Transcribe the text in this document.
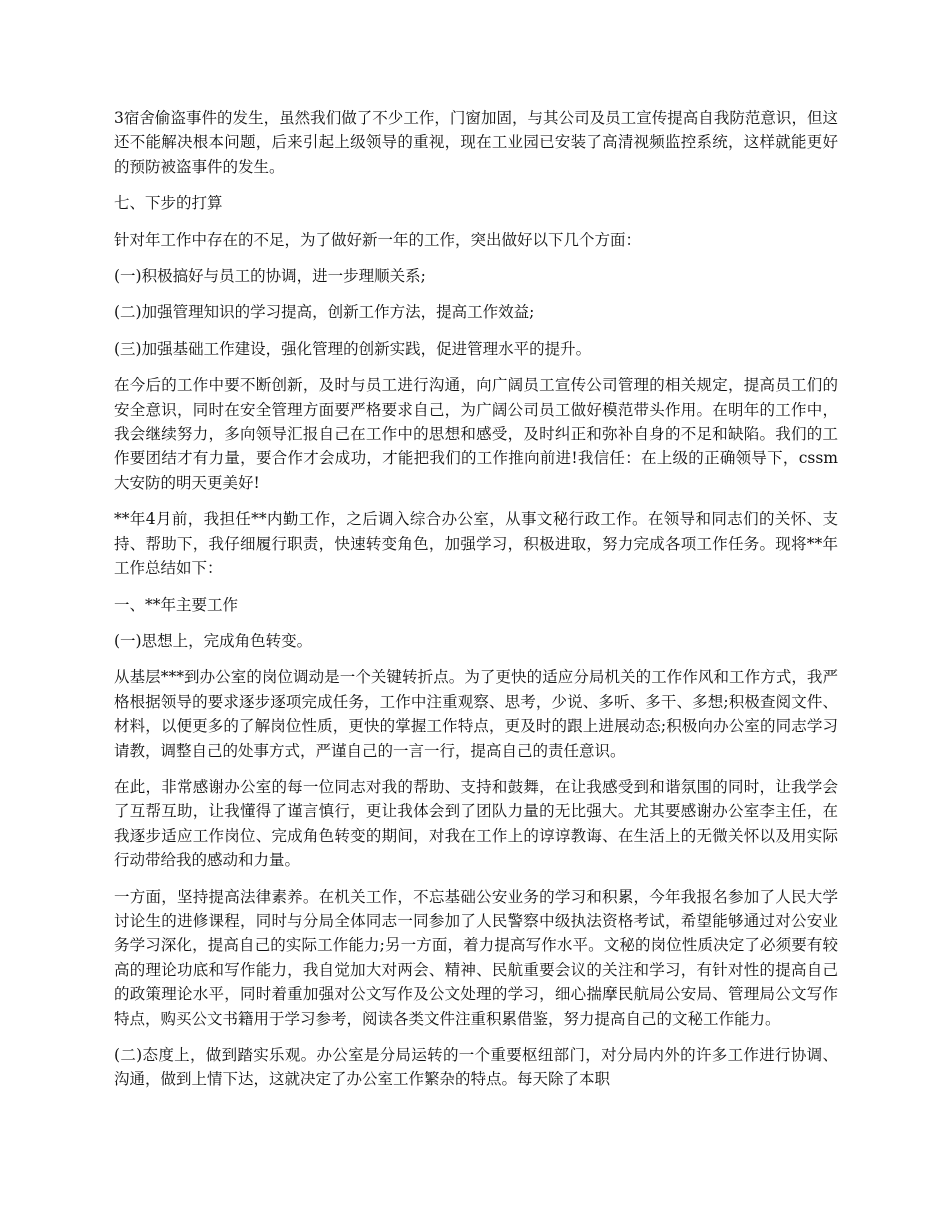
3宿舍偷盗事件的发生，虽然我们做了不少工作，门窗加固，与其公司及员工宣传提高自我防范意识，但这还不能解决根本问题，后来引起上级领导的重视，现在工业园已安装了高清视频监控系统，这样就能更好的预防被盗事件的发生。

七、下步的打算

针对年工作中存在的不足，为了做好新一年的工作，突出做好以下几个方面：

(一)积极搞好与员工的协调，进一步理顺关系;

(二)加强管理知识的学习提高，创新工作方法，提高工作效益;

(三)加强基础工作建设，强化管理的创新实践，促进管理水平的提升。

在今后的工作中要不断创新，及时与员工进行沟通，向广阔员工宣传公司管理的相关规定，提高员工们的安全意识，同时在安全管理方面要严格要求自己，为广阔公司员工做好模范带头作用。在明年的工作中，我会继续努力，多向领导汇报自己在工作中的思想和感受，及时纠正和弥补自身的不足和缺陷。我们的工作要团结才有力量，要合作才会成功，才能把我们的工作推向前进!我信任：在上级的正确领导下，cssm大安防的明天更美好!

**年4月前，我担任**内勤工作，之后调入综合办公室，从事文秘行政工作。在领导和同志们的关怀、支持、帮助下，我仔细履行职责，快速转变角色，加强学习，积极进取，努力完成各项工作任务。现将**年工作总结如下：

一、**年主要工作

(一)思想上，完成角色转变。

从基层***到办公室的岗位调动是一个关键转折点。为了更快的适应分局机关的工作作风和工作方式，我严格根据领导的要求逐步逐项完成任务，工作中注重观察、思考，少说、多听、多干、多想;积极查阅文件、材料，以便更多的了解岗位性质，更快的掌握工作特点，更及时的跟上进展动态;积极向办公室的同志学习请教，调整自己的处事方式，严谨自己的一言一行，提高自己的责任意识。

在此，非常感谢办公室的每一位同志对我的帮助、支持和鼓舞，在让我感受到和谐氛围的同时，让我学会了互帮互助，让我懂得了谨言慎行，更让我体会到了团队力量的无比强大。尤其要感谢办公室李主任，在我逐步适应工作岗位、完成角色转变的期间，对我在工作上的谆谆教诲、在生活上的无微关怀以及用实际行动带给我的感动和力量。

一方面，坚持提高法律素养。在机关工作，不忘基础公安业务的学习和积累，今年我报名参加了人民大学讨论生的进修课程，同时与分局全体同志一同参加了人民警察中级执法资格考试，希望能够通过对公安业务学习深化，提高自己的实际工作能力;另一方面，着力提高写作水平。文秘的岗位性质决定了必须要有较高的理论功底和写作能力，我自觉加大对两会、精神、民航重要会议的关注和学习，有针对性的提高自己的政策理论水平，同时着重加强对公文写作及公文处理的学习，细心揣摩民航局公安局、管理局公文写作特点，购买公文书籍用于学习参考，阅读各类文件注重积累借鉴，努力提高自己的文秘工作能力。

(二)态度上，做到踏实乐观。办公室是分局运转的一个重要枢纽部门，对分局内外的许多工作进行协调、沟通，做到上情下达，这就决定了办公室工作繁杂的特点。每天除了本职
